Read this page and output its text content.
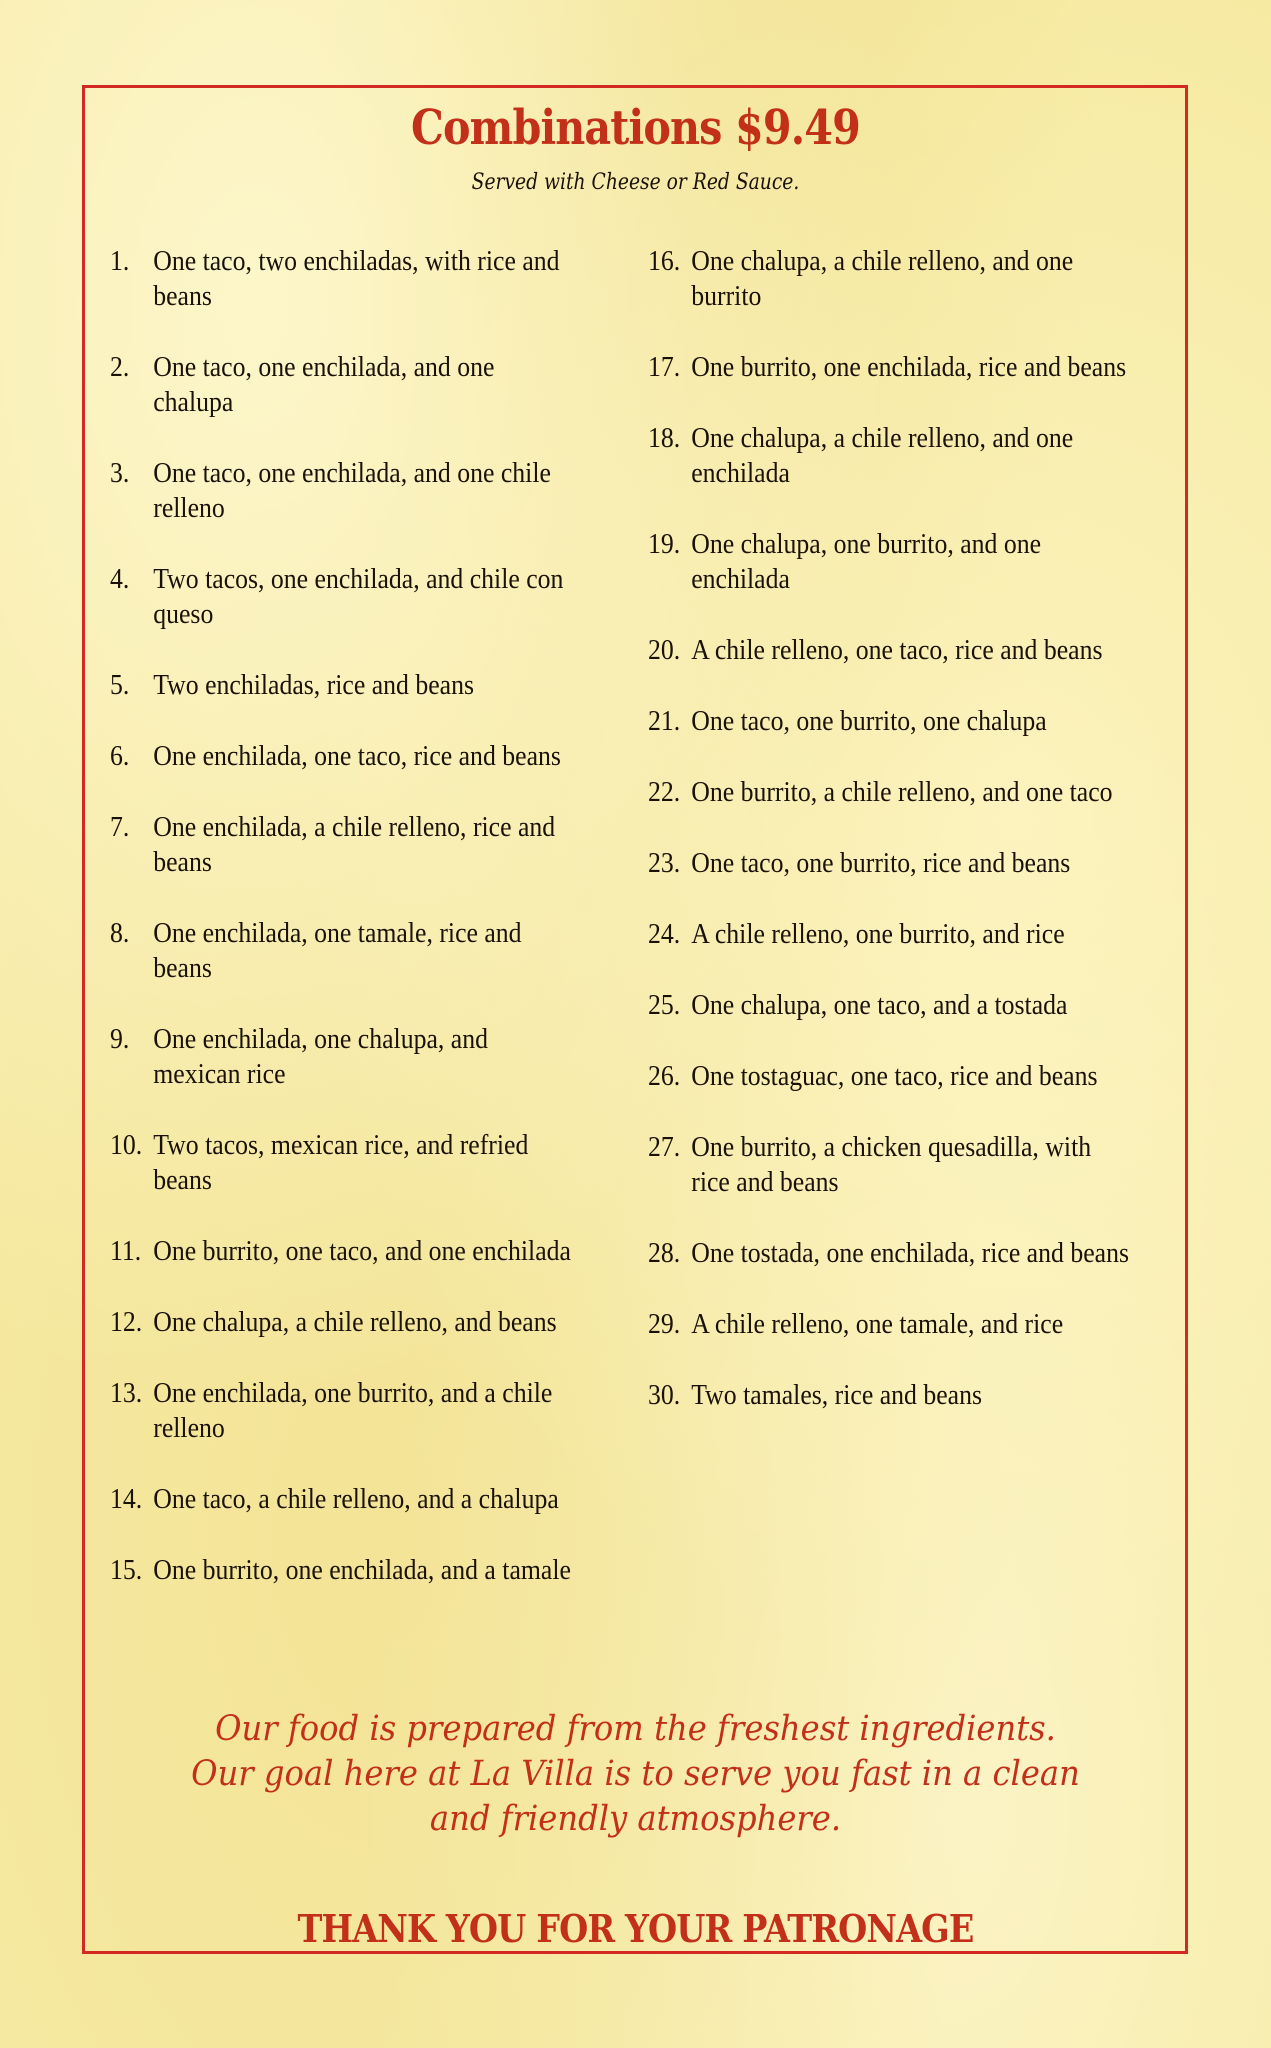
Combinations $9.49
Served with Cheese or Red Sauce.
1. One taco, two enchiladas, with rice and beans
2. One taco, one enchilada, and one chalupa
3. One taco, one enchilada, and one chile relleno
4. Two tacos, one enchilada, and chile con queso
5. Two enchiladas, rice and beans
6. One enchilada, one taco, rice and beans
7. One enchilada, a chile relleno, rice and beans
8. One enchilada, one tamale, rice and beans
9. One enchilada, one chalupa, and mexican rice
10. Two tacos, mexican rice, and refried beans
11. One burrito, one taco, and one enchilada
12. One chalupa, a chile relleno, and beans
13. One enchilada, one burrito, and a chile relleno
14. One taco, a chile relleno, and a chalupa
15. One burrito, one enchilada, and a tamale
16. One chalupa, a chile relleno, and one burrito
17. One burrito, one enchilada, rice and beans
18. One chalupa, a chile relleno, and one enchilada
19. One chalupa, one burrito, and one enchilada
20. A chile relleno, one taco, rice and beans
21. One taco, one burrito, one chalupa
22. One burrito, a chile relleno, and one taco
23. One taco, one burrito, rice and beans
24. A chile relleno, one burrito, and rice
25. One chalupa, one taco, and a tostada
26. One tostaguac, one taco, rice and beans
27. One burrito, a chicken quesadilla, with rice and beans
28. One tostada, one enchilada, rice and beans
29. A chile relleno, one tamale, and rice
30. Two tamales, rice and beans
Our food is prepared from the freshest ingredients.
Our goal here at La Villa is to serve you fast in a clean
and friendly atmosphere.
THANK YOU FOR YOUR PATRONAGE
